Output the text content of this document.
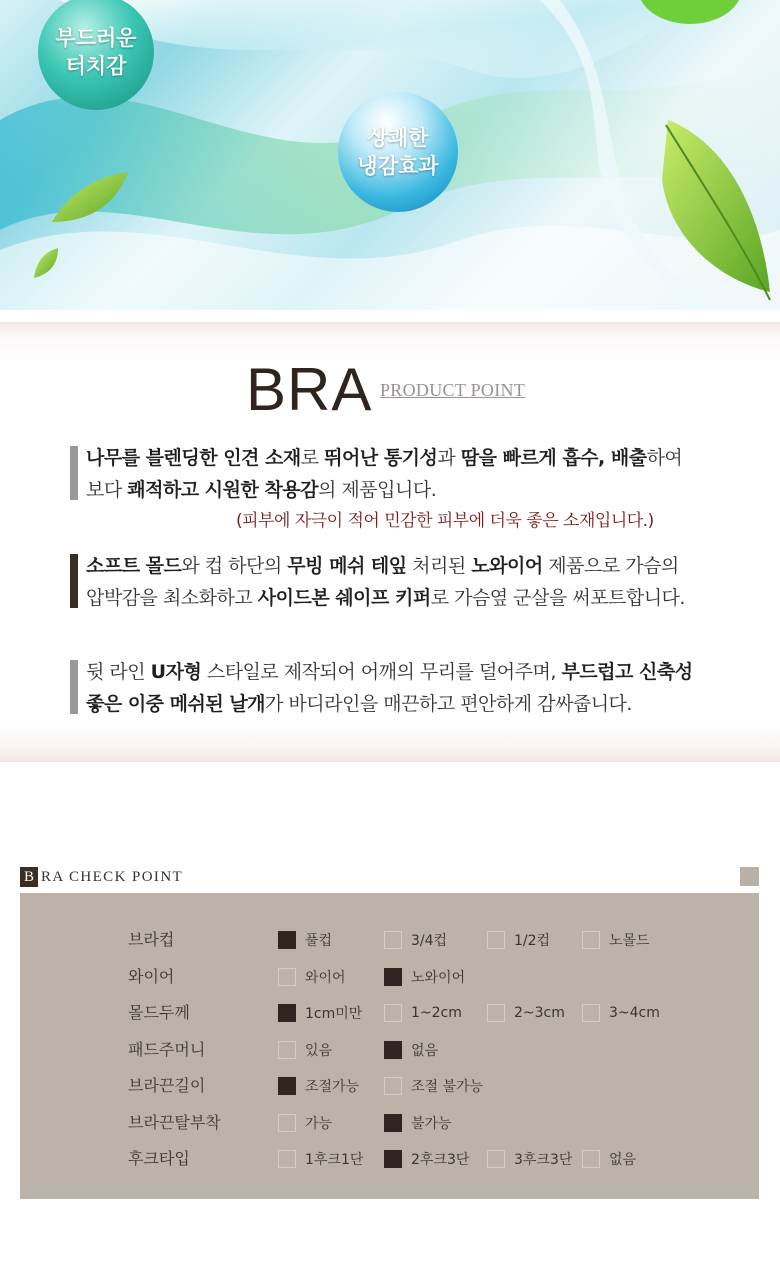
부드러운
터치감
상쾌한
냉감효과
BRA PRODUCT POINT
나무를 블렌딩한 인견 소재로 뛰어난 통기성과 땀을 빠르게 흡수, 배출하여
보다 쾌적하고 시원한 착용감의 제품입니다.
(피부에 자극이 적어 민감한 피부에 더욱 좋은 소재입니다.)
소프트 몰드와 컵 하단의 무빙 메쉬 테잎 처리된 노와이어 제품으로 가슴의
압박감을 최소화하고 사이드본 쉐이프 키퍼로 가슴옆 군살을 써포트합니다.
뒷 라인 U자형 스타일로 제작되어 어깨의 무리를 덜어주며, 부드럽고 신축성
좋은 이중 메쉬된 날개가 바디라인을 매끈하고 편안하게 감싸줍니다.
B RA CHECK POINT
브라컵	풀컵	3/4컵	1/2컵	노몰드
와이어	와이어	노와이어
몰드두께	1cm미만	1~2cm	2~3cm	3~4cm
패드주머니	있음	없음
브라끈길이	조절가능	조절 불가능
브라끈탈부착	가능	불가능
후크타입	1후크1단	2후크3단	3후크3단	없음
